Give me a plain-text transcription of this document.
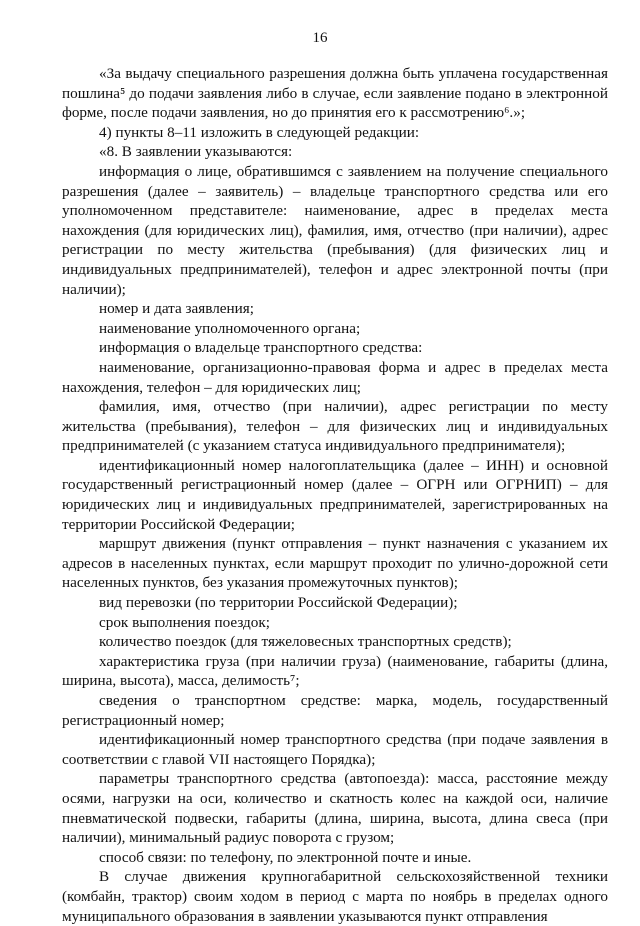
16

«За выдачу специального разрешения должна быть уплачена государственная пошлина⁵ до подачи заявления либо в случае, если заявление подано в электронной форме, после подачи заявления, но до принятия его к рассмотрению⁶.»;

4) пункты 8–11 изложить в следующей редакции:

«8. В заявлении указываются:

информация о лице, обратившимся с заявлением на получение специального разрешения (далее – заявитель) – владельце транспортного средства или его уполномоченном представителе: наименование, адрес в пределах места нахождения (для юридических лиц), фамилия, имя, отчество (при наличии), адрес регистрации по месту жительства (пребывания) (для физических лиц и индивидуальных предпринимателей), телефон и адрес электронной почты (при наличии);

номер и дата заявления;

наименование уполномоченного органа;

информация о владельце транспортного средства:

наименование, организационно-правовая форма и адрес в пределах места нахождения, телефон – для юридических лиц;

фамилия, имя, отчество (при наличии), адрес регистрации по месту жительства (пребывания), телефон – для физических лиц и индивидуальных предпринимателей (с указанием статуса индивидуального предпринимателя);

идентификационный номер налогоплательщика (далее – ИНН) и основной государственный регистрационный номер (далее – ОГРН или ОГРНИП) – для юридических лиц и индивидуальных предпринимателей, зарегистрированных на территории Российской Федерации;

маршрут движения (пункт отправления – пункт назначения с указанием их адресов в населенных пунктах, если маршрут проходит по улично-дорожной сети населенных пунктов, без указания промежуточных пунктов);

вид перевозки (по территории Российской Федерации);

срок выполнения поездок;

количество поездок (для тяжеловесных транспортных средств);

характеристика груза (при наличии груза) (наименование, габариты (длина, ширина, высота), масса, делимость⁷;

сведения о транспортном средстве: марка, модель, государственный регистрационный номер;

идентификационный номер транспортного средства (при подаче заявления в соответствии с главой VII настоящего Порядка);

параметры транспортного средства (автопоезда): масса, расстояние между осями, нагрузки на оси, количество и скатность колес на каждой оси, наличие пневматической подвески, габариты (длина, ширина, высота, длина свеса (при наличии), минимальный радиус поворота с грузом;

способ связи: по телефону, по электронной почте и иные.

В случае движения крупногабаритной сельскохозяйственной техники (комбайн, трактор) своим ходом в период с марта по ноябрь в пределах одного муниципального образования в заявлении указываются пункт отправления
